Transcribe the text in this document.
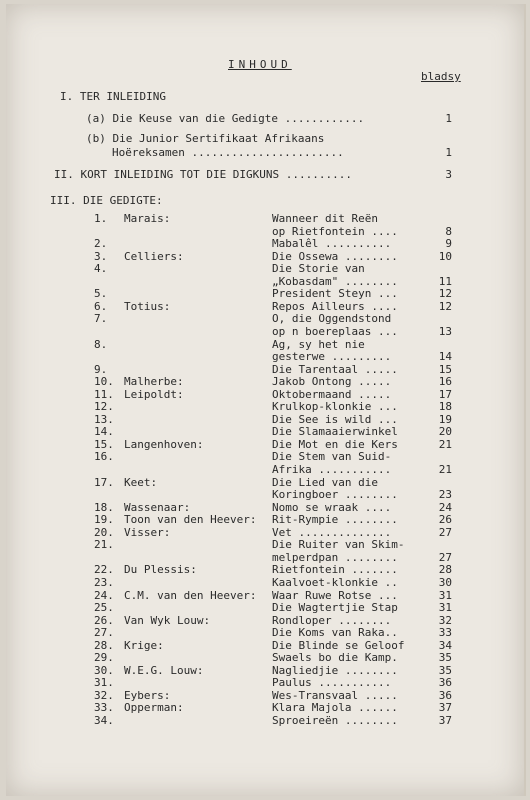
INHOUD
bladsy
I. TER INLEIDING
(a) Die Keuse van die Gedigte ............	1
(b) Die Junior Sertifikaat Afrikaans
Hoëreksamen .......................	1
II. KORT INLEIDING TOT DIE DIGKUNS ..........	3
III. DIE GEDIGTE:
1. Marais:	Wanneer dit Reën
op Rietfontein ....	8
2.	Mabalêl ..........	9
3. Celliers:	Die Ossewa ........	10
4.	Die Storie van
„Kobasdam" ........	11
5.	President Steyn ...	12
6. Totius:	Repos Ailleurs ....	12
7.	O, die Oggendstond
op n boereplaas ...	13
8.	Ag, sy het nie
gesterwe .........	14
9.	Die Tarentaal .....	15
10. Malherbe:	Jakob Ontong .....	16
11. Leipoldt:	Oktobermaand .....	17
12.	Krulkop-klonkie ...	18
13.	Die See is wild ...	19
14.	Die Slamaaierwinkel	20
15. Langenhoven:	Die Mot en die Kers	21
16.	Die Stem van Suid-
Afrika ...........	21
17. Keet:	Die Lied van die
Koringboer ........	23
18. Wassenaar:	Nomo se wraak ....	24
19. Toon van den Heever: Rit-Rympie ........	26
20. Visser:	Vet ..............	27
21.	Die Ruiter van Skim-
melperdpan ........	27
22. Du Plessis:	Rietfontein .......	28
23.	Kaalvoet-klonkie ..	30
24. C.M. van den Heever: Waar Ruwe Rotse ...	31
25.	Die Wagtertjie Stap	31
26. Van Wyk Louw:	Rondloper ........	32
27.	Die Koms van Raka..	33
28. Krige:	Die Blinde se Geloof	34
29.	Swaels bo die Kamp.	35
30. W.E.G. Louw:	Nagliedjie ........	35
31.	Paulus ...........	36
32. Eybers:	Wes-Transvaal .....	36
33. Opperman:	Klara Majola ......	37
34.	Sproeireën ........	37
